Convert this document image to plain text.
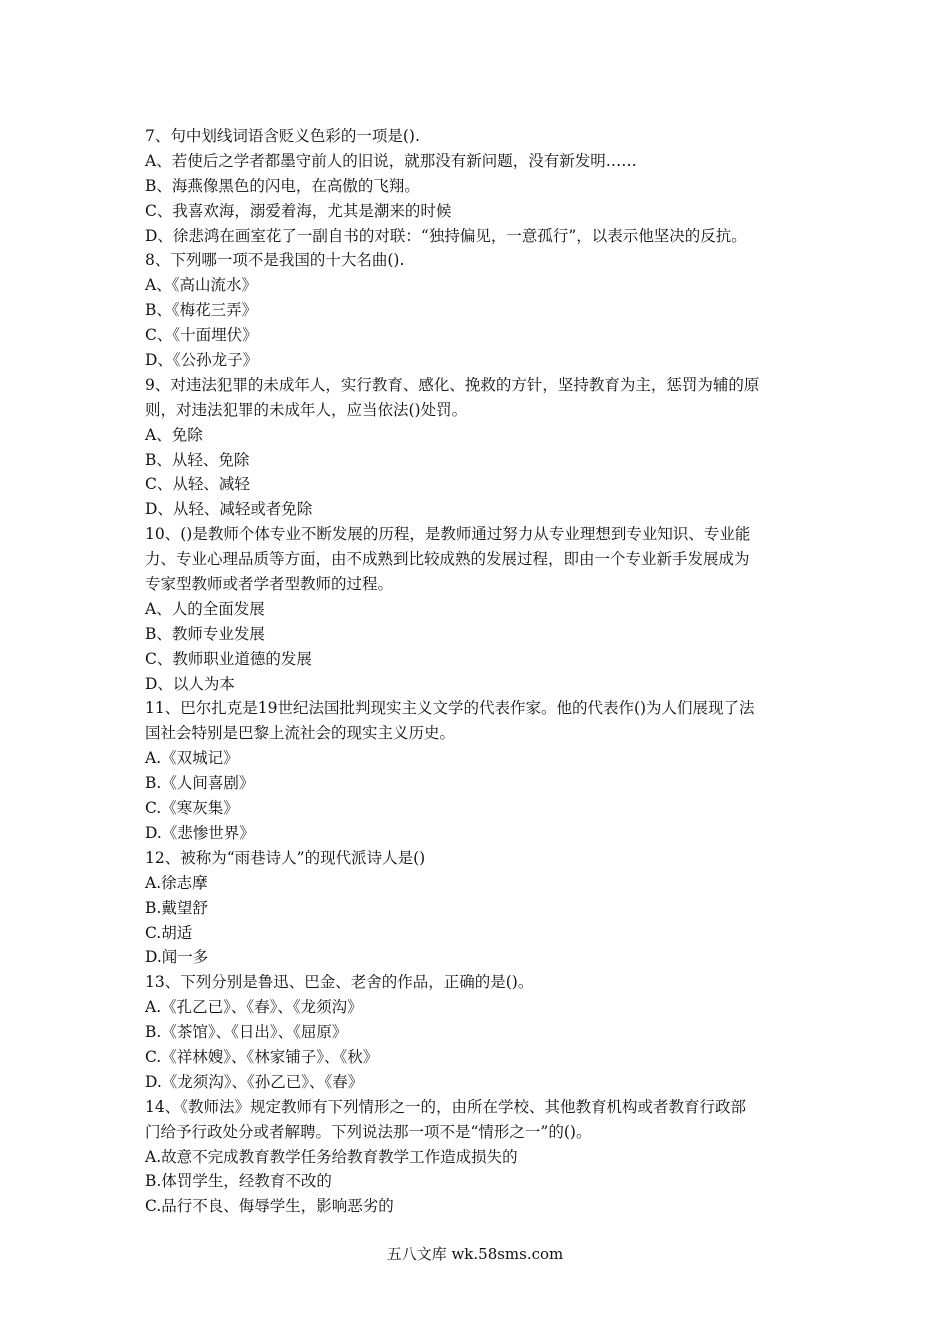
7、句中划线词语含贬义色彩的一项是().
A、若使后之学者都墨守前人的旧说，就那没有新问题，没有新发明……
B、海燕像黑色的闪电，在高傲的飞翔。
C、我喜欢海，溺爱着海，尤其是潮来的时候
D、徐悲鸿在画室花了一副自书的对联：“独持偏见，一意孤行”，以表示他坚决的反抗。
8、下列哪一项不是我国的十大名曲().
A、《高山流水》
B、《梅花三弄》
C、《十面埋伏》
D、《公孙龙子》
9、对违法犯罪的未成年人，实行教育、感化、挽救的方针，坚持教育为主，惩罚为辅的原
则，对违法犯罪的未成年人，应当依法()处罚。
A、免除
B、从轻、免除
C、从轻、减轻
D、从轻、减轻或者免除
10、()是教师个体专业不断发展的历程，是教师通过努力从专业理想到专业知识、专业能
力、专业心理品质等方面，由不成熟到比较成熟的发展过程，即由一个专业新手发展成为
专家型教师或者学者型教师的过程。
A、人的全面发展
B、教师专业发展
C、教师职业道德的发展
D、以人为本
11、巴尔扎克是19世纪法国批判现实主义文学的代表作家。他的代表作()为人们展现了法
国社会特别是巴黎上流社会的现实主义历史。
A.《双城记》
B.《人间喜剧》
C.《寒灰集》
D.《悲惨世界》
12、被称为“雨巷诗人”的现代派诗人是()
A.徐志摩
B.戴望舒
C.胡适
D.闻一多
13、下列分别是鲁迅、巴金、老舍的作品，正确的是()。
A.《孔乙已》、《春》、《龙须沟》
B.《茶馆》、《日出》、《屈原》
C.《祥林嫂》、《林家铺子》、《秋》
D.《龙须沟》、《孙乙已》、《春》
14、《教师法》规定教师有下列情形之一的，由所在学校、其他教育机构或者教育行政部
门给予行政处分或者解聘。下列说法那一项不是“情形之一”的()。
A.故意不完成教育教学任务给教育教学工作造成损失的
B.体罚学生，经教育不改的
C.品行不良、侮辱学生，影响恶劣的
五八文库 wk.58sms.com
